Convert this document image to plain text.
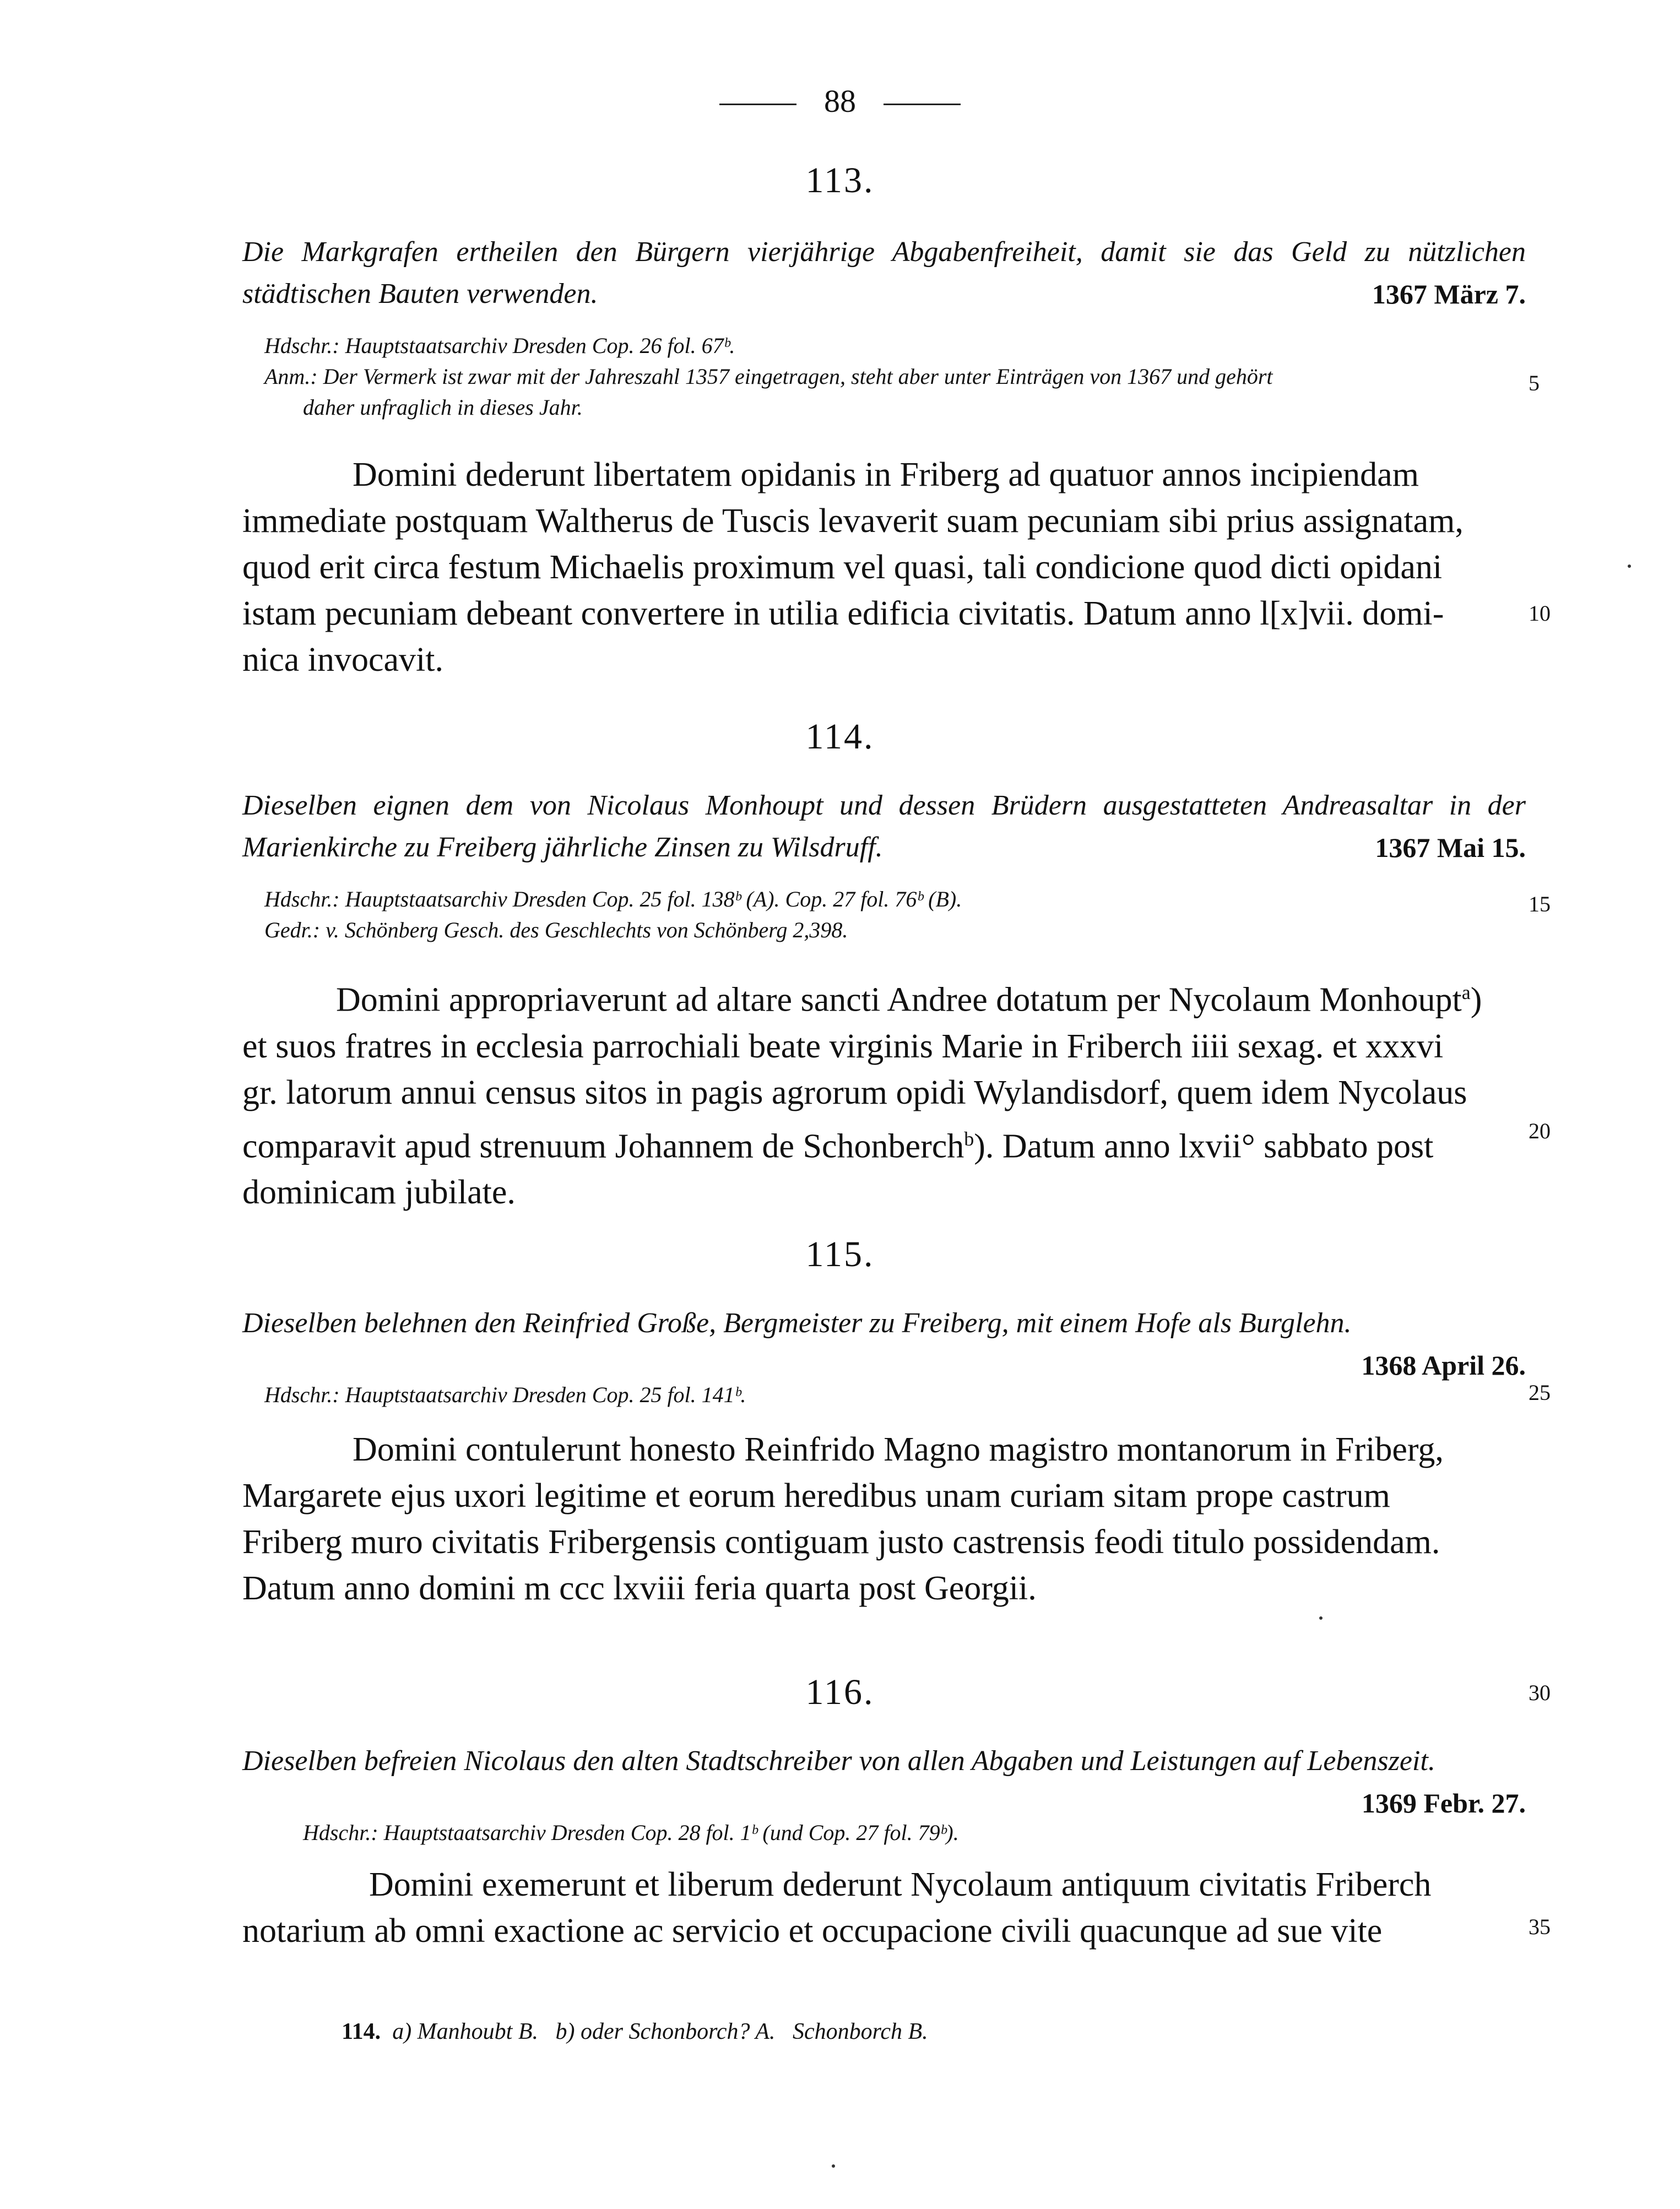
88
113.
Die Markgrafen ertheilen den Bürgern vierjährige Abgabenfreiheit, damit sie das Geld zu nützlichen städtischen Bauten verwenden.	1367 März 7.
Hdschr.: Hauptstaatsarchiv Dresden Cop. 26 fol. 67ᵇ.
Anm.: Der Vermerk ist zwar mit der Jahreszahl 1357 eingetragen, steht aber unter Einträgen von 1367 und gehört
daher unfraglich in dieses Jahr.
5
Domini dederunt libertatem opidanis in Friberg ad quatuor annos incipiendam
immediate postquam Waltherus de Tuscis levaverit suam pecuniam sibi prius assignatam,
quod erit circa festum Michaelis proximum vel quasi, tali condicione quod dicti opidani
istam pecuniam debeant convertere in utilia edificia civitatis. Datum anno l[x]vii. domi-
nica invocavit.
10
114.
Dieselben eignen dem von Nicolaus Monhoupt und dessen Brüdern ausgestatteten Andreasaltar in der Marienkirche zu Freiberg jährliche Zinsen zu Wilsdruff.	1367 Mai 15.
Hdschr.: Hauptstaatsarchiv Dresden Cop. 25 fol. 138ᵇ (A). Cop. 27 fol. 76ᵇ (B).
Gedr.: v. Schönberg Gesch. des Geschlechts von Schönberg 2,398.
15
Domini appropriaverunt ad altare sancti Andree dotatum per Nycolaum Monhoupt$^a$)
et suos fratres in ecclesia parrochiali beate virginis Marie in Friberch iiii sexag. et xxxvi
gr. latorum annui census sitos in pagis agrorum opidi Wylandisdorf, quem idem Nycolaus
comparavit apud strenuum Johannem de Schonberch$^b$). Datum anno lxvii° sabbato post
dominicam jubilate.
20
115.
Dieselben belehnen den Reinfried Große, Bergmeister zu Freiberg, mit einem Hofe als Burglehn.
1368 April 26.
Hdschr.: Hauptstaatsarchiv Dresden Cop. 25 fol. 141ᵇ.	25
Domini contulerunt honesto Reinfrido Magno magistro montanorum in Friberg,
Margarete ejus uxori legitime et eorum heredibus unam curiam sitam prope castrum
Friberg muro civitatis Fribergensis contiguam justo castrensis feodi titulo possidendam.
Datum anno domini m ccc lxviii feria quarta post Georgii.
116.	30
Dieselben befreien Nicolaus den alten Stadtschreiber von allen Abgaben und Leistungen auf Lebenszeit.
1369 Febr. 27.
Hdschr.: Hauptstaatsarchiv Dresden Cop. 28 fol. 1ᵇ (und Cop. 27 fol. 79ᵇ).
Domini exemerunt et liberum dederunt Nycolaum antiquum civitatis Friberch
notarium ab omni exactione ac servicio et occupacione civili quacunque ad sue vite	35
114. a) Manhoubt B. b) oder Schonborch? A. Schonborch B.
